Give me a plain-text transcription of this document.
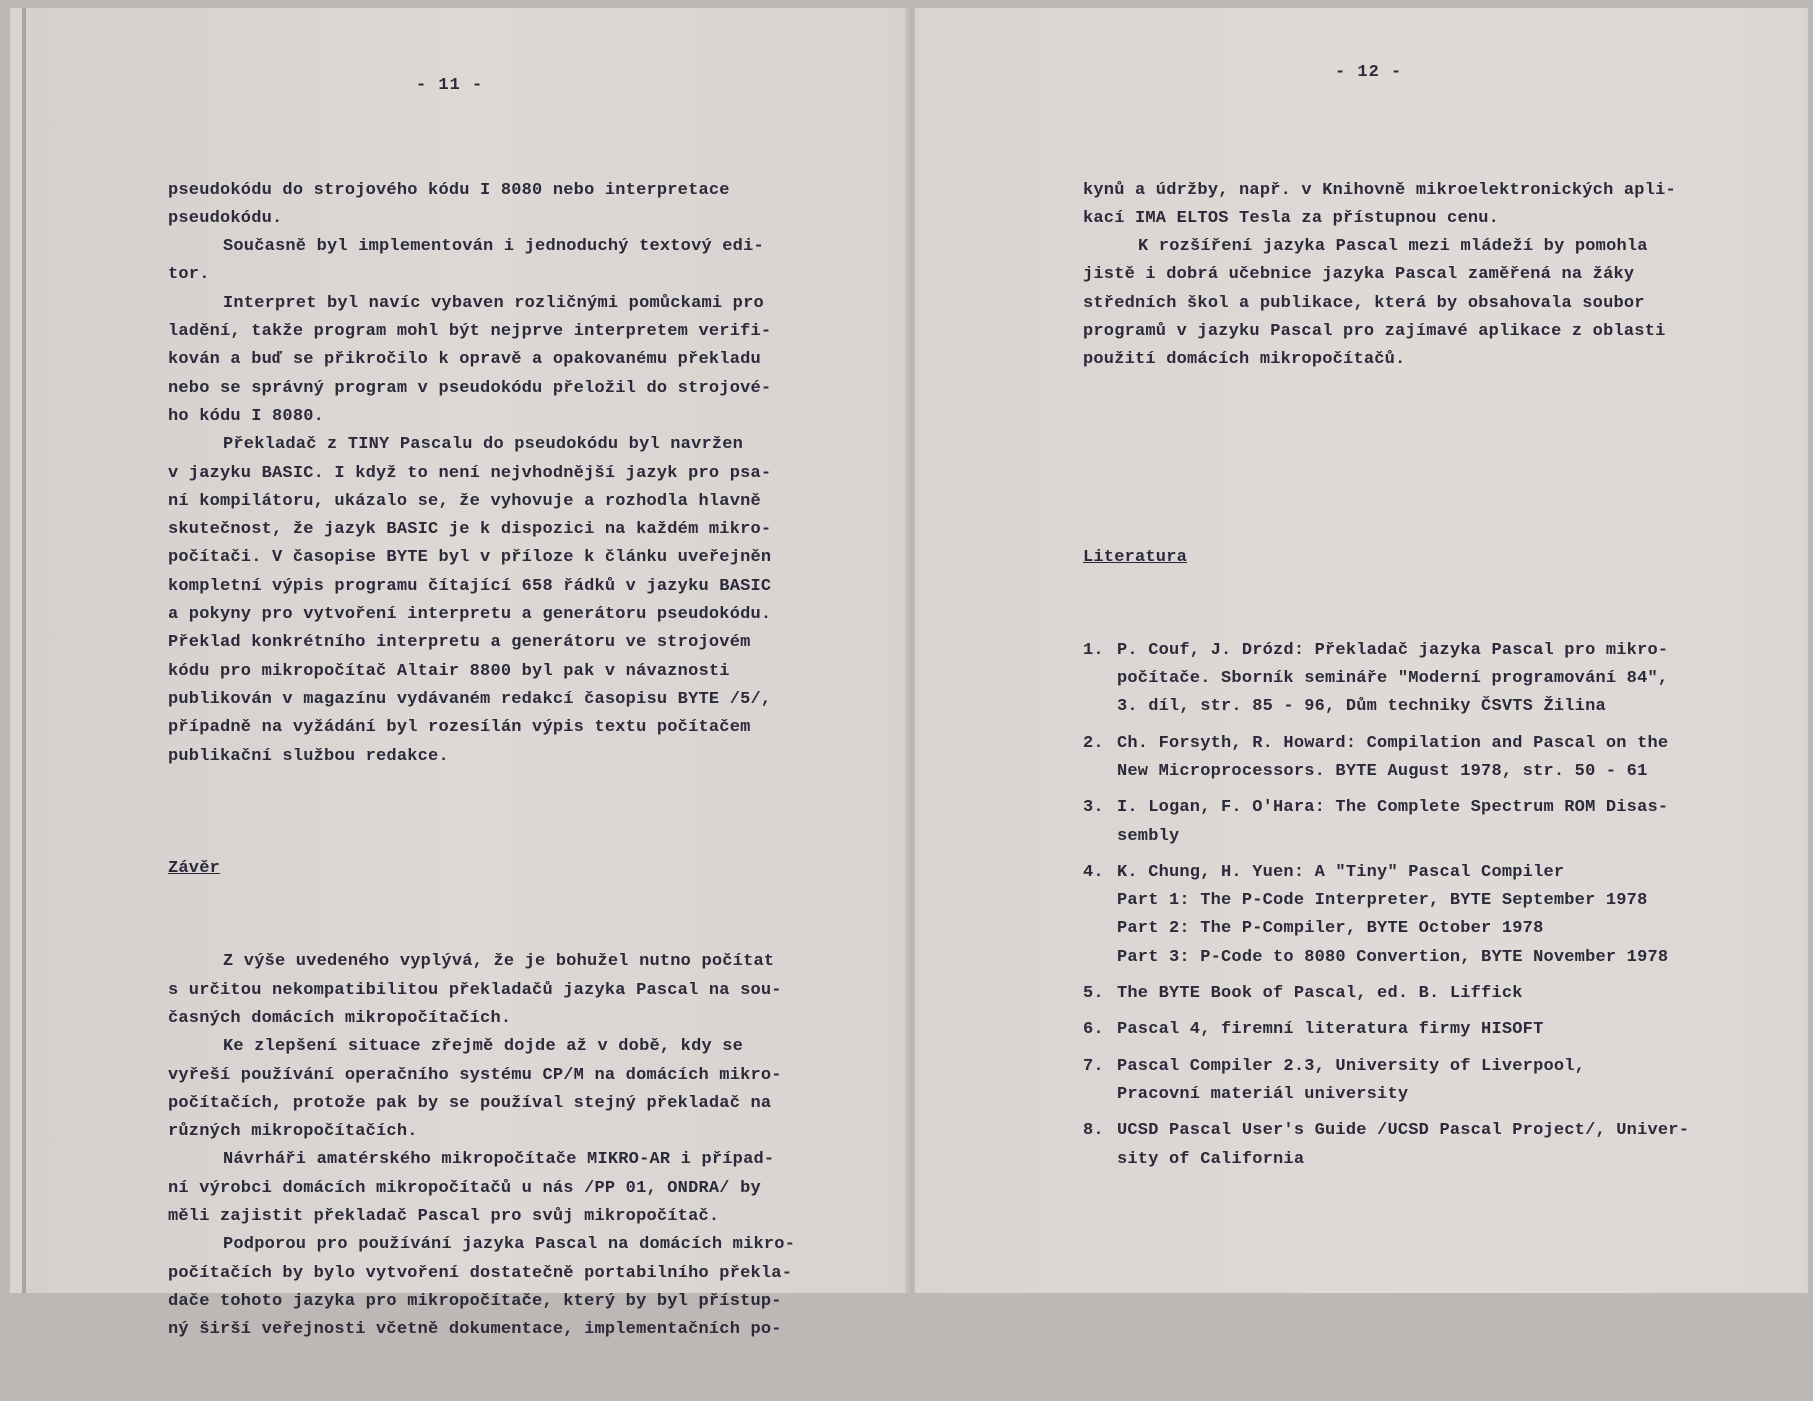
- 11 -

pseudokódu do strojového kódu I 8080 nebo interpretace
pseudokódu.
Současně byl implementován i jednoduchý textový edi-
tor.
Interpret byl navíc vybaven rozličnými pomůckami pro
ladění, takže program mohl být nejprve interpretem verifi-
kován a buď se přikročilo k opravě a opakovanému překladu
nebo se správný program v pseudokódu přeložil do strojové-
ho kódu I 8080.
Překladač z TINY Pascalu do pseudokódu byl navržen
v jazyku BASIC. I když to není nejvhodnější jazyk pro psa-
ní kompilátoru, ukázalo se, že vyhovuje a rozhodla hlavně
skutečnost, že jazyk BASIC je k dispozici na každém mikro-
počítači. V časopise BYTE byl v příloze k článku uveřejněn
kompletní výpis programu čítající 658 řádků v jazyku BASIC
a pokyny pro vytvoření interpretu a generátoru pseudokódu.
Překlad konkrétního interpretu a generátoru ve strojovém
kódu pro mikropočítač Altair 8800 byl pak v návaznosti
publikován v magazínu vydávaném redakcí časopisu BYTE /5/,
případně na vyžádání byl rozesílán výpis textu počítačem
publikační službou redakce.

Závěr

Z výše uvedeného vyplývá, že je bohužel nutno počítat
s určitou nekompatibilitou překladačů jazyka Pascal na sou-
časných domácích mikropočítačích.
Ke zlepšení situace zřejmě dojde až v době, kdy se
vyřeší používání operačního systému CP/M na domácích mikro-
počítačích, protože pak by se používal stejný překladač na
různých mikropočítačích.
Návrháři amatérského mikropočítače MIKRO-AR i případ-
ní výrobci domácích mikropočítačů u nás /PP 01, ONDRA/ by
měli zajistit překladač Pascal pro svůj mikropočítač.
Podporou pro používání jazyka Pascal na domácích mikro-
počítačích by bylo vytvoření dostatečně portabilního překla-
dače tohoto jazyka pro mikropočítače, který by byl přístup-
ný širší veřejnosti včetně dokumentace, implementačních po-

- 12 -

kynů a údržby, např. v Knihovně mikroelektronických apli-
kací IMA ELTOS Tesla za přístupnou cenu.
K rozšíření jazyka Pascal mezi mládeží by pomohla
jistě i dobrá učebnice jazyka Pascal zaměřená na žáky
středních škol a publikace, která by obsahovala soubor
programů v jazyku Pascal pro zajímavé aplikace z oblasti
použití domácích mikropočítačů.

Literatura

1. P. Couf, J. Drózd: Překladač jazyka Pascal pro mikro-
počítače. Sborník semináře "Moderní programování 84",
3. díl, str. 85 - 96, Dům techniky ČSVTS Žilina
2. Ch. Forsyth, R. Howard: Compilation and Pascal on the
New Microprocessors. BYTE August 1978, str. 50 - 61
3. I. Logan, F. O'Hara: The Complete Spectrum ROM Disas-
sembly
4. K. Chung, H. Yuen: A "Tiny" Pascal Compiler
Part 1: The P-Code Interpreter, BYTE September 1978
Part 2: The P-Compiler, BYTE October 1978
Part 3: P-Code to 8080 Convertion, BYTE November 1978
5. The BYTE Book of Pascal, ed. B. Liffick
6. Pascal 4, firemní literatura firmy HISOFT
7. Pascal Compiler 2.3, University of Liverpool,
Pracovní materiál university
8. UCSD Pascal User's Guide /UCSD Pascal Project/, Univer-
sity of California
